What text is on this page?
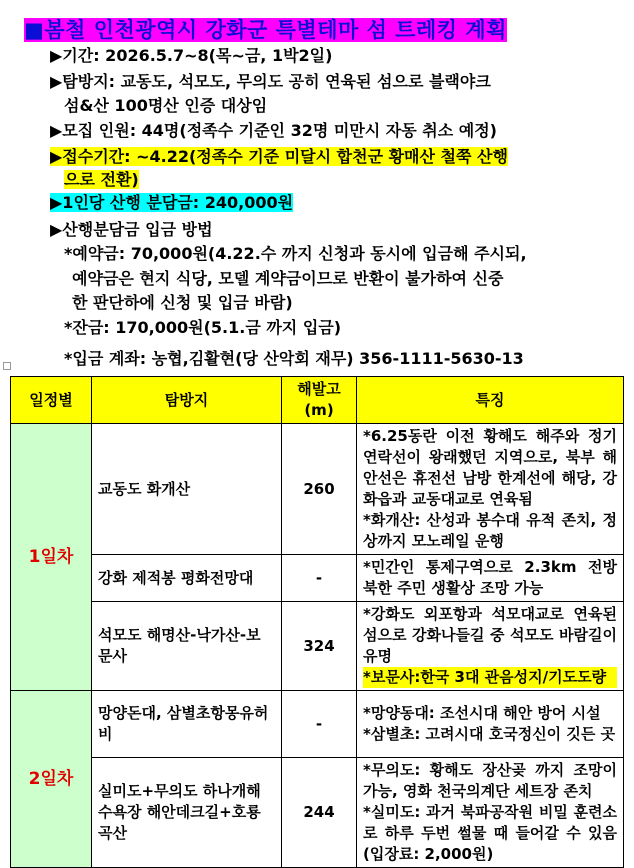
■봄철 인천광역시 강화군 특별테마 섬 트레킹 계획
▶기간: 2026.5.7~8(목~금, 1박2일)
▶탐방지: 교동도, 석모도, 무의도 공히 연육된 섬으로 블랙야크
섬&산 100명산 인증 대상임
▶모집 인원: 44명(정족수 기준인 32명 미만시 자동 취소 예정)
▶접수기간: ~4.22(정족수 기준 미달시 합천군 황매산 철쭉 산행
으로 전환)
▶1인당 산행 분담금: 240,000원
▶산행분담금 입금 방법
*예약금: 70,000원(4.22.수 까지 신청과 동시에 입금해 주시되,
예약금은 현지 식당, 모델 계약금이므로 반환이 불가하여 신중
한 판단하에 신청 및 입금 바람)
*잔금: 170,000원(5.1.금 까지 입금)
*입금 계좌: 농협,김활현(당 산악회 재무) 356-1111-5630-13
일정별	탐방지	해발고 (m)	특징
1일차	교동도 화개산	260	*6.25동란 이전 황해도 해주와 정기연락선이 왕래했던 지역으로, 북부 해안선은 휴전선 남방 한계선에 해당, 강화읍과 교동대교로 연육됨
*화개산: 산성과 봉수대 유적 존치, 정상까지 모노레일 운행

	강화 제적봉 평화전망대	-	*민간인 통제구역으로 2.3km 전방 북한 주민 생활상 조망 가능

	석모도 해명산-낙가산-보문사	324	*강화도 외포항과 석모대교로 연육된 섬으로 강화나들길 중 석모도 바람길이 유명
*보문사:한국 3대 관음성지/기도도량

2일차	망양돈대, 삼별초항몽유허비	-	*망양동대: 조선시대 해안 방어 시설
*삼별초: 고려시대 호국정신이 깃든 곳

	실미도+무의도 하나개해수욕장 해안데크길+호룡곡산	244	*무의도: 황해도 장산곶 까지 조망이 가능, 영화 천국의계단 세트장 존치
*실미도: 과거 북파공작원 비밀 훈련소로 하루 두번 썰물 때 들어갈 수 있음(입장료: 2,000원)
